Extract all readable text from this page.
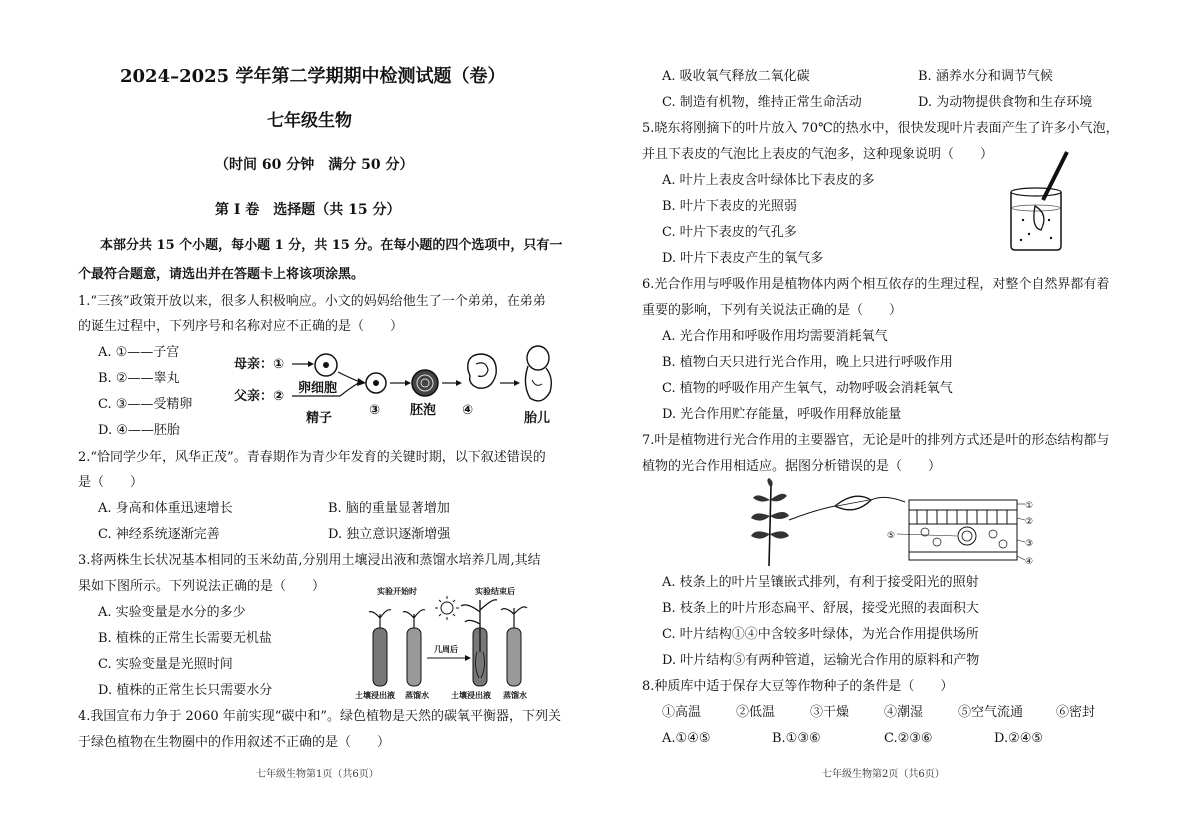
2024–2025 学年第二学期期中检测试题（卷）
七年级生物
（时间 60 分钟　满分 50 分）
第 Ⅰ 卷　选择题（共 15 分）
本部分共 15 个小题，每小题 1 分，共 15 分。在每小题的四个选项中，只有一
个最符合题意，请选出并在答题卡上将该项涂黑。
1.“三孩”政策开放以来，很多人积极响应。小文的妈妈给他生了一个弟弟，在弟弟
的诞生过程中，下列序号和名称对应不正确的是（　　）
A. ①——子宫
B. ②——睾丸
C. ③——受精卵
D. ④——胚胎
母亲：①
父亲：②
卵细胞
精子
③ 胚泡 ④
胎儿
2.“恰同学少年，风华正茂”。青春期作为青少年发育的关键时期，以下叙述错误的
是（　　）
A. 身高和体重迅速增长	B. 脑的重量显著增加
C. 神经系统逐渐完善	D. 独立意识逐渐增强
3.将两株生长状况基本相同的玉米幼苗,分别用土壤浸出液和蒸馏水培养几周,其结
果如下图所示。下列说法正确的是（　　）
A. 实验变量是水分的多少
B. 植株的正常生长需要无机盐
C. 实验变量是光照时间
D. 植株的正常生长只需要水分
实验开始时	实验结束后
几周后
土壤浸出液 蒸馏水	土壤浸出液 蒸馏水
4.我国宣布力争于 2060 年前实现“碳中和”。绿色植物是天然的碳氧平衡器，下列关
于绿色植物在生物圈中的作用叙述不正确的是（　　）
七年级生物第1页（共6页）
A. 吸收氧气释放二氧化碳	B. 涵养水分和调节气候
C. 制造有机物，维持正常生命活动	D. 为动物提供食物和生存环境
5.晓东将刚摘下的叶片放入 70℃的热水中，很快发现叶片表面产生了许多小气泡，
并且下表皮的气泡比上表皮的气泡多，这种现象说明（　　）
A. 叶片上表皮含叶绿体比下表皮的多
B. 叶片下表皮的光照弱
C. 叶片下表皮的气孔多
D. 叶片下表皮产生的氧气多
6.光合作用与呼吸作用是植物体内两个相互依存的生理过程，对整个自然界都有着
重要的影响，下列有关说法正确的是（　　）
A. 光合作用和呼吸作用均需要消耗氧气
B. 植物白天只进行光合作用，晚上只进行呼吸作用
C. 植物的呼吸作用产生氧气，动物呼吸会消耗氧气
D. 光合作用贮存能量，呼吸作用释放能量
7.叶是植物进行光合作用的主要器官，无论是叶的排列方式还是叶的形态结构都与
植物的光合作用相适应。据图分析错误的是（　　）
①
②
③
④
⑤
A. 枝条上的叶片呈镶嵌式排列，有利于接受阳光的照射
B. 枝条上的叶片形态扁平、舒展，接受光照的表面积大
C. 叶片结构①④中含较多叶绿体，为光合作用提供场所
D. 叶片结构⑤有两种管道，运输光合作用的原料和产物
8.种质库中适于保存大豆等作物种子的条件是（　　）
①高温	②低温	③干燥	④潮湿	⑤空气流通	⑥密封
A.①④⑤	B.①③⑥	C.②③⑥	D.②④⑤
七年级生物第2页（共6页）
